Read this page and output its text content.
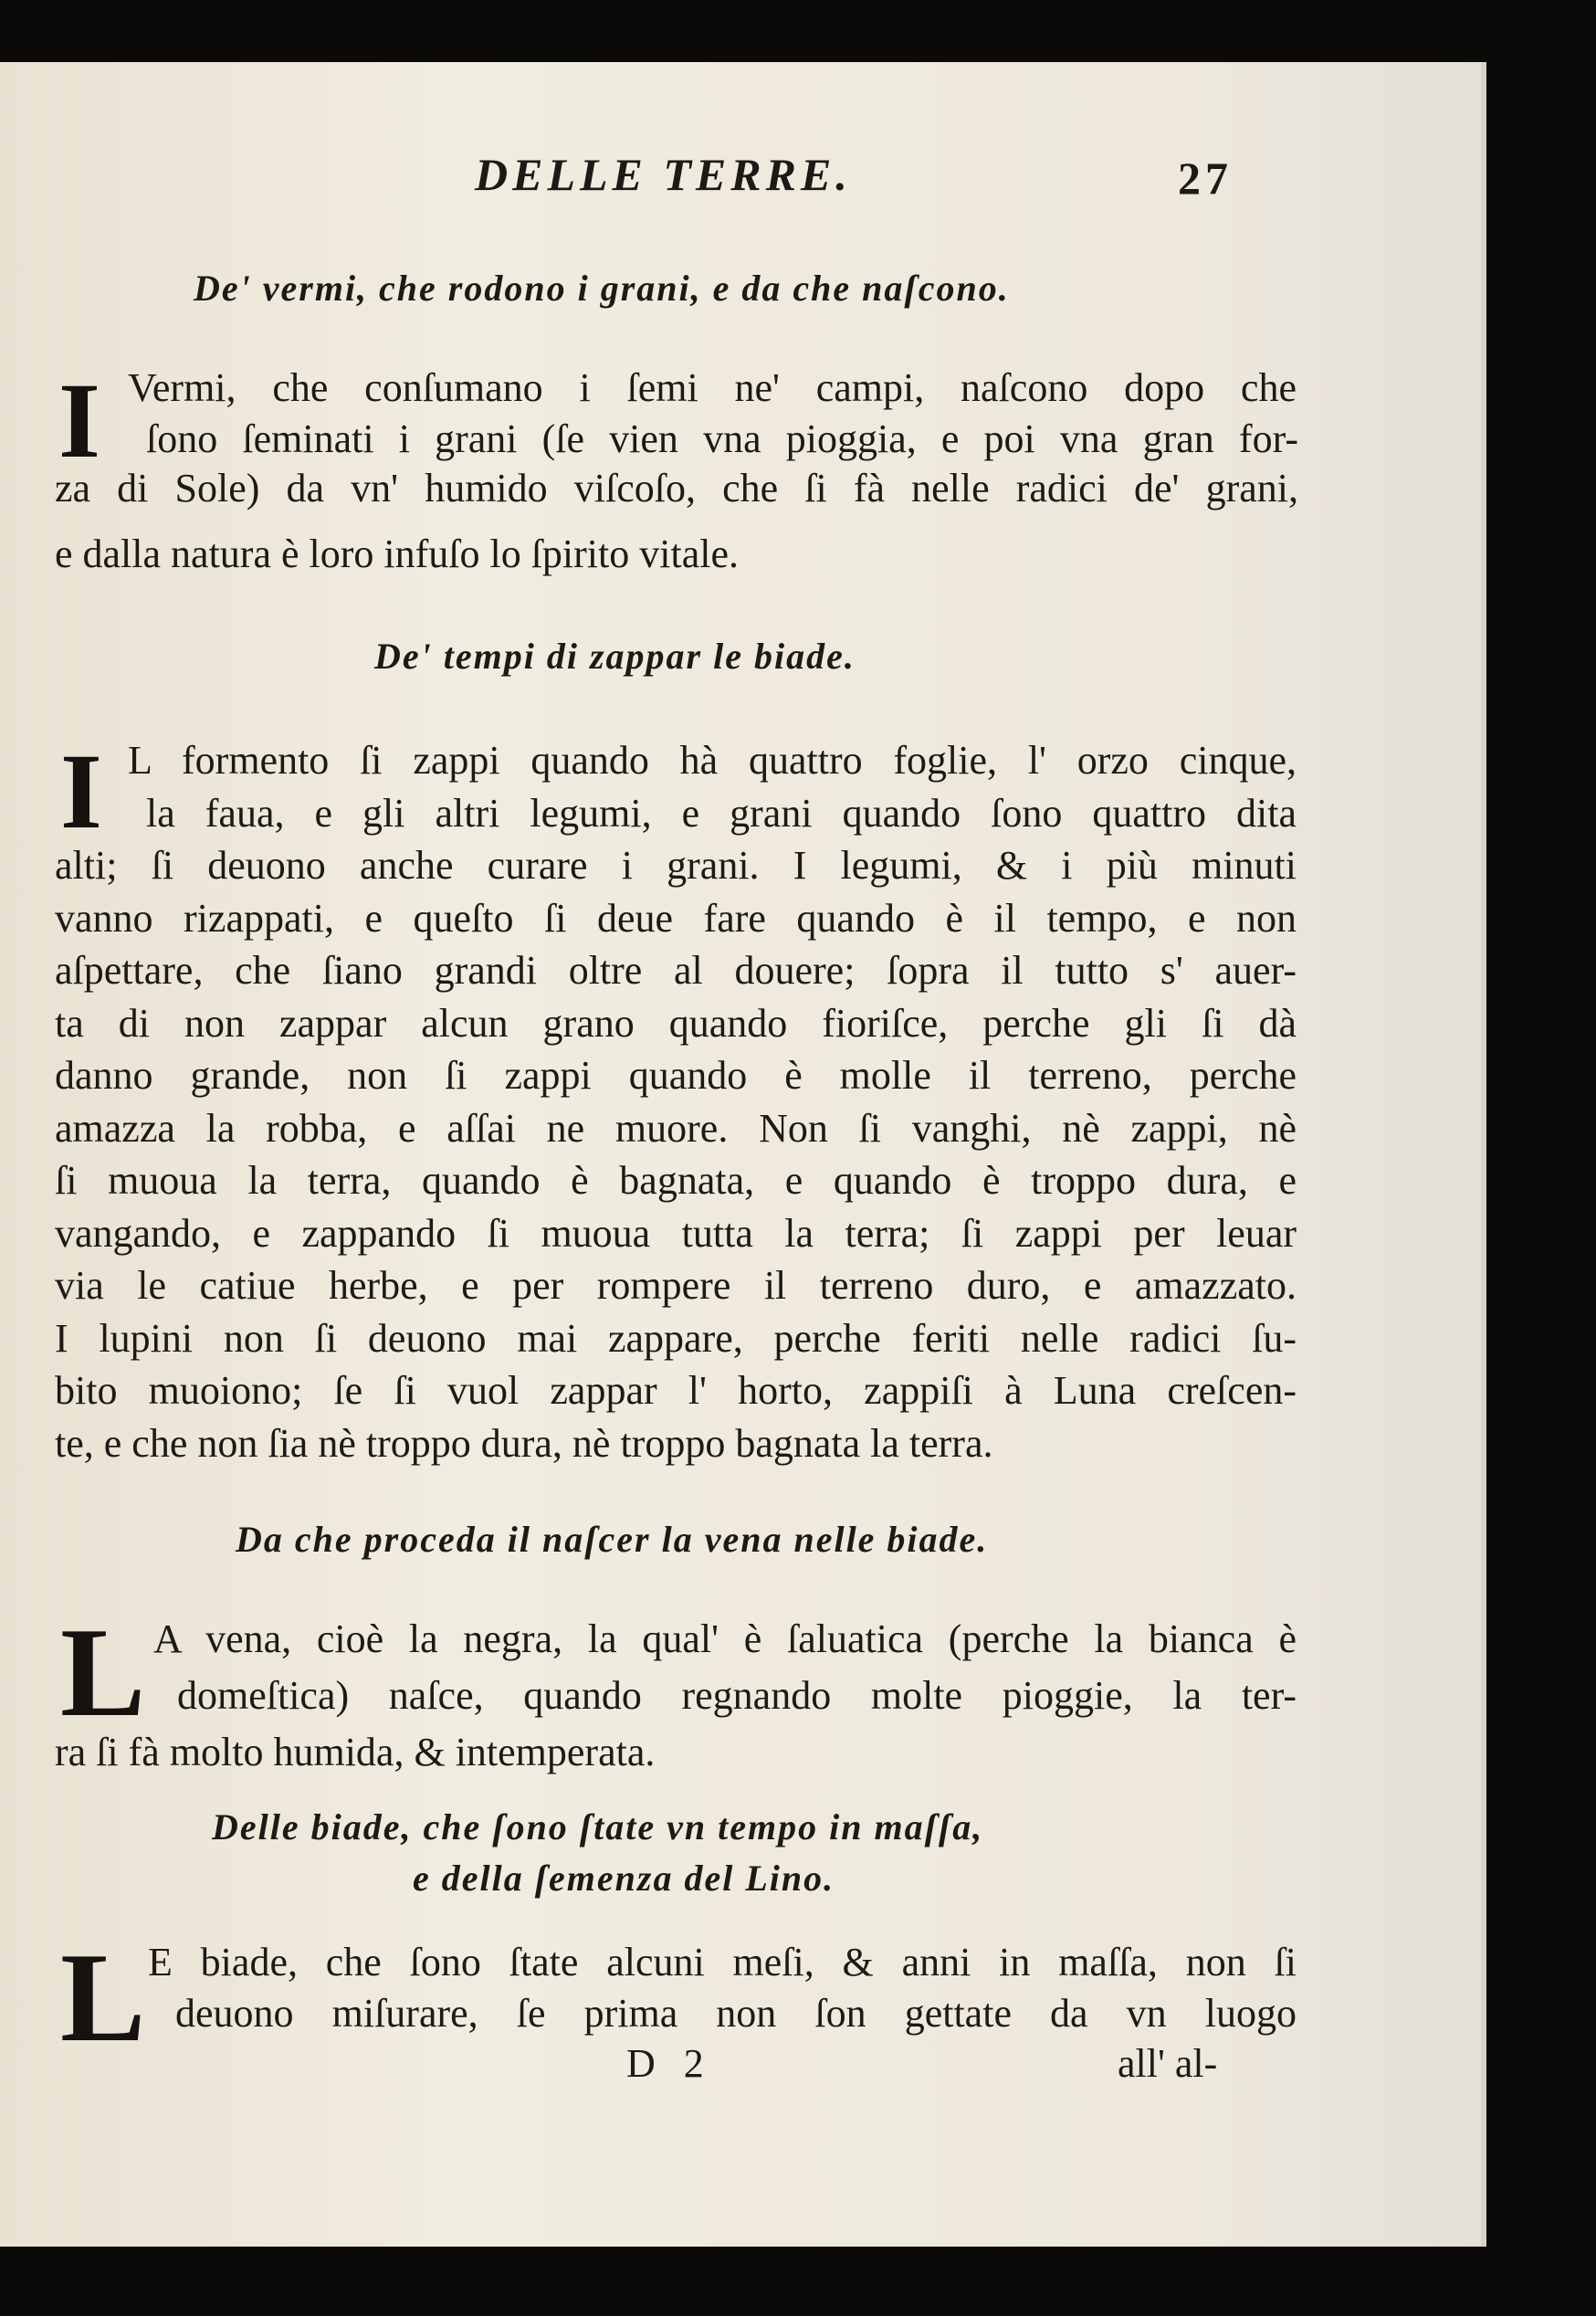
DELLE TERRE.	27
De' vermi, che rodono i grani, e da che naſcono.
I Vermi, che conſumano i ſemi ne' campi, naſcono dopo che
ſono ſeminati i grani (ſe vien vna pioggia, e poi vna gran for-
za di Sole) da vn' humido viſcoſo, che ſi fà nelle radici de' grani,
e dalla natura è loro infuſo lo ſpirito vitale.
De' tempi di zappar le biade.
I L formento ſi zappi quando hà quattro foglie, l' orzo cinque,
la faua, e gli altri legumi, e grani quando ſono quattro dita
alti; ſi deuono anche curare i grani. I legumi, & i più minuti
vanno rizappati, e queſto ſi deue fare quando è il tempo, e non
aſpettare, che ſiano grandi oltre al douere; ſopra il tutto s' auer-
ta di non zappar alcun grano quando fioriſce, perche gli ſi dà
danno grande, non ſi zappi quando è molle il terreno, perche
amazza la robba, e aſſai ne muore. Non ſi vanghi, nè zappi, nè
ſi muoua la terra, quando è bagnata, e quando è troppo dura, e
vangando, e zappando ſi muoua tutta la terra; ſi zappi per leuar
via le catiue herbe, e per rompere il terreno duro, e amazzato.
I lupini non ſi deuono mai zappare, perche feriti nelle radici ſu-
bito muoiono; ſe ſi vuol zappar l' horto, zappiſi à Luna creſcen-
te, e che non ſia nè troppo dura, nè troppo bagnata la terra.
Da che proceda il naſcer la vena nelle biade.
L A vena, cioè la negra, la qual' è ſaluatica (perche la bianca è
domeſtica) naſce, quando regnando molte pioggie, la ter-
ra ſi fà molto humida, & intemperata.
Delle biade, che ſono ſtate vn tempo in maſſa,
e della ſemenza del Lino.
L E biade, che ſono ſtate alcuni meſi, & anni in maſſa, non ſi
deuono miſurare, ſe prima non ſon gettate da vn luogo
D 2	all' al-
